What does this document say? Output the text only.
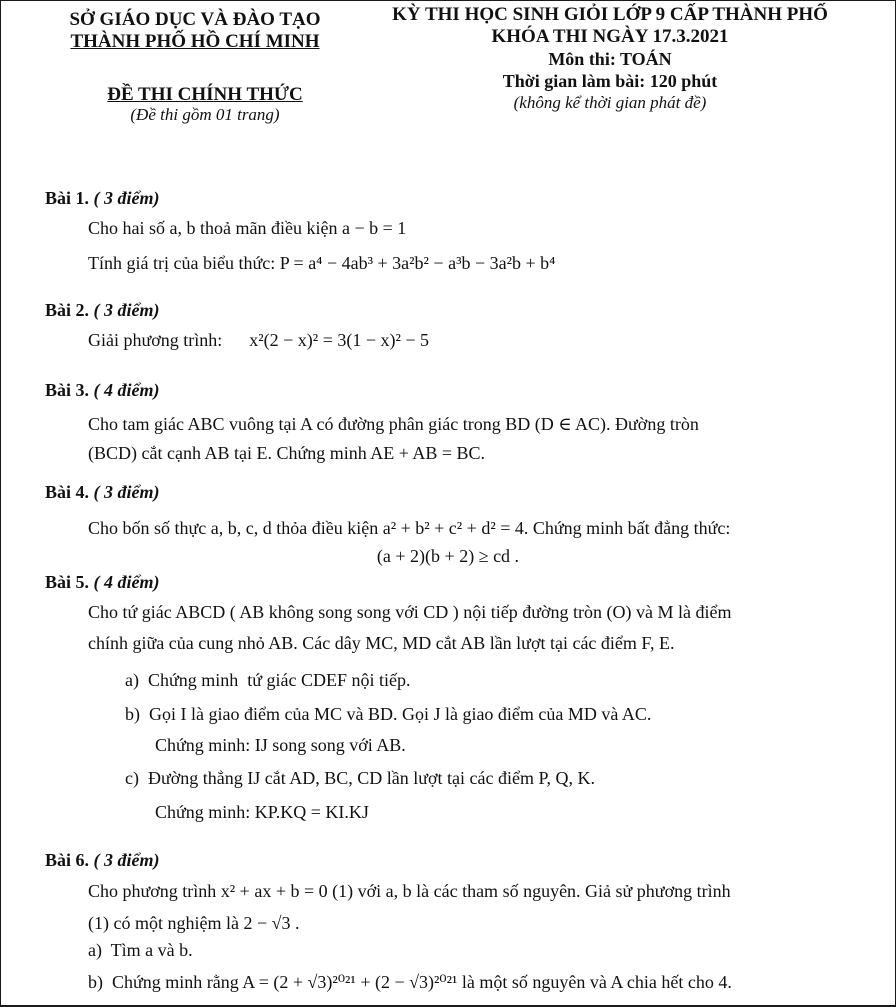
SỞ GIÁO DỤC VÀ ĐÀO TẠO
THÀNH PHỐ HỒ CHÍ MINH
KỲ THI HỌC SINH GIỎI LỚP 9 CẤP THÀNH PHỐ
KHÓA THI NGÀY 17.3.2021
Môn thi: TOÁN
Thời gian làm bài: 120 phút
(không kể thời gian phát đề)
ĐỀ THI CHÍNH THỨC
(Đề thi gồm 01 trang)
Bài 1. ( 3 điểm)
Cho hai số a, b thoả mãn điều kiện a − b = 1
Tính giá trị của biểu thức: P = a⁴ − 4ab³ + 3a²b² − a³b − 3a²b + b⁴
Bài 2. ( 3 điểm)
Giải phương trình:      x²(2 − x)² = 3(1 − x)² − 5
Bài 3. ( 4 điểm)
Cho tam giác ABC vuông tại A có đường phân giác trong BD (D ∈ AC). Đường tròn
(BCD) cắt cạnh AB tại E. Chứng minh AE + AB = BC.
Bài 4. ( 3 điểm)
Cho bốn số thực a, b, c, d thỏa điều kiện a² + b² + c² + d² = 4. Chứng minh bất đẳng thức:
(a + 2)(b + 2) ≥ cd .
Bài 5. ( 4 điểm)
Cho tứ giác ABCD ( AB không song song với CD ) nội tiếp đường tròn (O) và M là điểm
chính giữa của cung nhỏ AB. Các dây MC, MD cắt AB lần lượt tại các điểm F, E.
a)  Chứng minh  tứ giác CDEF nội tiếp.
b)  Gọi I là giao điểm của MC và BD. Gọi J là giao điểm của MD và AC.
Chứng minh: IJ song song với AB.
c)  Đường thẳng IJ cắt AD, BC, CD lần lượt tại các điểm P, Q, K.
Chứng minh: KP.KQ = KI.KJ
Bài 6. ( 3 điểm)
Cho phương trình x² + ax + b = 0 (1) với a, b là các tham số nguyên. Giả sử phương trình
(1) có một nghiệm là 2 − √3 .
a)  Tìm a và b.
b)  Chứng minh rằng A = (2 + √3)²⁰²¹ + (2 − √3)²⁰²¹ là một số nguyên và A chia hết cho 4.
